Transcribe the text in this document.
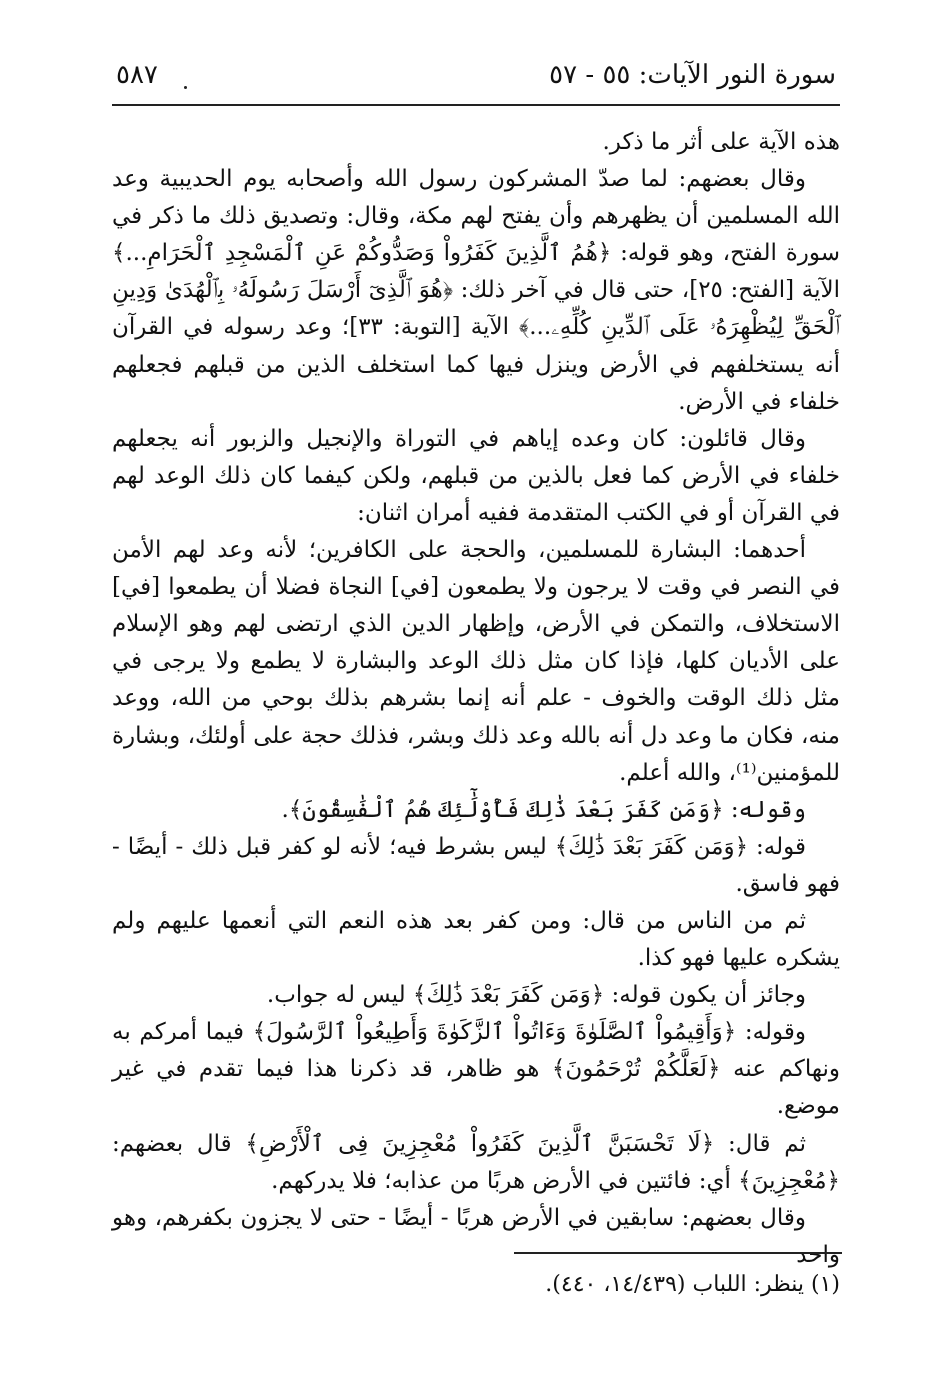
سورة النور الآيات: ٥٥ - ٥٧
٥٨٧

هذه الآية على أثر ما ذكر.

وقال بعضهم: لما صدّ المشركون رسول الله وأصحابه يوم الحديبية وعد الله المسلمين أن يظهرهم وأن يفتح لهم مكة، وقال: وتصديق ذلك ما ذكر في سورة الفتح، وهو قوله: ﴿هُمُ ٱلَّذِينَ كَفَرُواْ وَصَدُّوكُمْ عَنِ ٱلْمَسْجِدِ ٱلْحَرَامِ...﴾ الآية [الفتح: ٢٥]، حتى قال في آخر ذلك: ﴿هُوَ ٱلَّذِىٓ أَرْسَلَ رَسُولَهُۥ بِٱلْهُدَىٰ وَدِينِ ٱلْحَقِّ لِيُظْهِرَهُۥ عَلَى ٱلدِّينِ كُلِّهِۦ...﴾ الآية [التوبة: ٣٣]؛ وعد رسوله في القرآن أنه يستخلفهم في الأرض وينزل فيها كما استخلف الذين من قبلهم فجعلهم خلفاء في الأرض.

وقال قائلون: كان وعده إياهم في التوراة والإنجيل والزبور أنه يجعلهم خلفاء في الأرض كما فعل بالذين من قبلهم، ولكن كيفما كان ذلك الوعد لهم في القرآن أو في الكتب المتقدمة ففيه أمران اثنان:

أحدهما: البشارة للمسلمين، والحجة على الكافرين؛ لأنه وعد لهم الأمن في النصر في وقت لا يرجون ولا يطمعون [في] النجاة فضلا أن يطمعوا [في] الاستخلاف، والتمكن في الأرض، وإظهار الدين الذي ارتضى لهم وهو الإسلام على الأديان كلها، فإذا كان مثل ذلك الوعد والبشارة لا يطمع ولا يرجى في مثل ذلك الوقت والخوف - علم أنه إنما بشرهم بذلك بوحي من الله، ووعد منه، فكان ما وعد دل أنه بالله وعد ذلك وبشر، فذلك حجة على أولئك، وبشارة للمؤمنين⁽¹⁾، والله أعلم.

وقوله: ﴿وَمَن كَفَرَ بَعْدَ ذَٰلِكَ فَأُوْلَٰٓئِكَ هُمُ ٱلْفَٰسِقُونَ﴾.

قوله: ﴿وَمَن كَفَرَ بَعْدَ ذَٰلِكَ﴾ ليس بشرط فيه؛ لأنه لو كفر قبل ذلك - أيضًا - فهو فاسق.

ثم من الناس من قال: ومن كفر بعد هذه النعم التي أنعمها عليهم ولم يشكره عليها فهو كذا.

وجائز أن يكون قوله: ﴿وَمَن كَفَرَ بَعْدَ ذَٰلِكَ﴾ ليس له جواب.

وقوله: ﴿وَأَقِيمُواْ ٱلصَّلَوٰةَ وَءَاتُواْ ٱلزَّكَوٰةَ وَأَطِيعُواْ ٱلرَّسُولَ﴾ فيما أمركم به ونهاكم عنه ﴿لَعَلَّكُمْ تُرْحَمُونَ﴾ هو ظاهر، قد ذكرنا هذا فيما تقدم في غير موضع.

ثم قال: ﴿لَا تَحْسَبَنَّ ٱلَّذِينَ كَفَرُواْ مُعْجِزِينَ فِى ٱلْأَرْضِ﴾ قال بعضهم: ﴿مُعْجِزِينَ﴾ أي: فائتين في الأرض هربًا من عذابه؛ فلا يدركهم.

وقال بعضهم: سابقين في الأرض هربًا - أيضًا - حتى لا يجزون بكفرهم، وهو واحد

(١) ينظر: اللباب (١٤/٤٣٩، ٤٤٠).
